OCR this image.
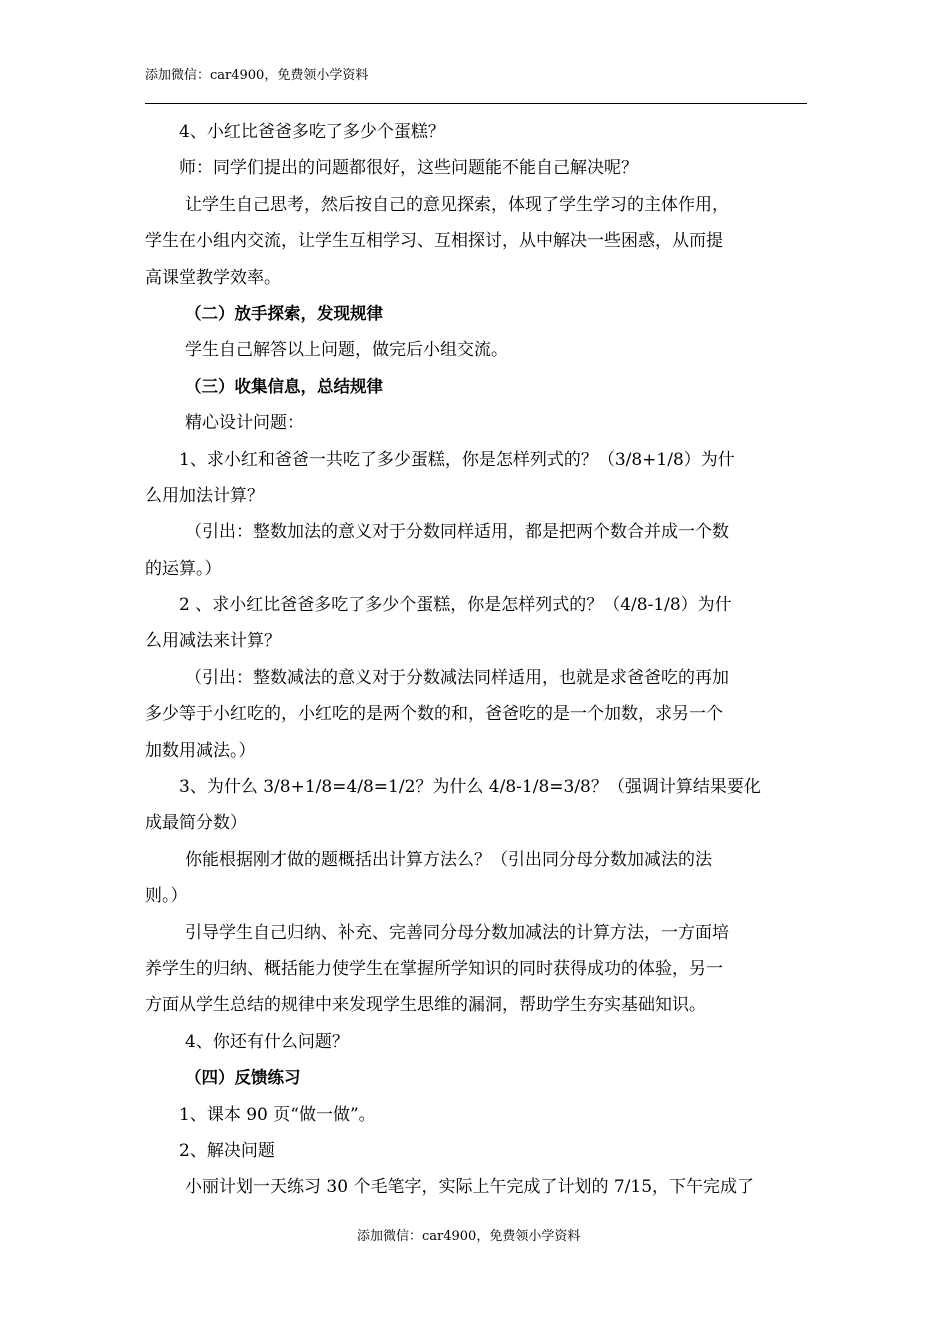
添加微信：car4900，免费领小学资料
4、小红比爸爸多吃了多少个蛋糕？
师：同学们提出的问题都很好，这些问题能不能自己解决呢？
让学生自己思考，然后按自己的意见探索，体现了学生学习的主体作用，
学生在小组内交流，让学生互相学习、互相探讨，从中解决一些困惑，从而提
高课堂教学效率。
（二）放手探索，发现规律
学生自己解答以上问题，做完后小组交流。
（三）收集信息，总结规律
精心设计问题：
1、求小红和爸爸一共吃了多少蛋糕，你是怎样列式的？（3/8+1/8）为什
么用加法计算？
（引出：整数加法的意义对于分数同样适用，都是把两个数合并成一个数
的运算。）
2 、求小红比爸爸多吃了多少个蛋糕，你是怎样列式的？（4/8-1/8）为什
么用减法来计算？
（引出：整数减法的意义对于分数减法同样适用，也就是求爸爸吃的再加
多少等于小红吃的，小红吃的是两个数的和，爸爸吃的是一个加数，求另一个
加数用减法。）
3、为什么 3/8+1/8=4/8=1/2？为什么 4/8-1/8=3/8？（强调计算结果要化
成最简分数）
你能根据刚才做的题概括出计算方法么？（引出同分母分数加减法的法
则。）
引导学生自己归纳、补充、完善同分母分数加减法的计算方法，一方面培
养学生的归纳、概括能力使学生在掌握所学知识的同时获得成功的体验，另一
方面从学生总结的规律中来发现学生思维的漏洞，帮助学生夯实基础知识。
4、你还有什么问题？
（四）反馈练习
1、课本 90 页“做一做”。
2、解决问题
小丽计划一天练习 30 个毛笔字，实际上午完成了计划的 7/15，下午完成了
添加微信：car4900，免费领小学资料
